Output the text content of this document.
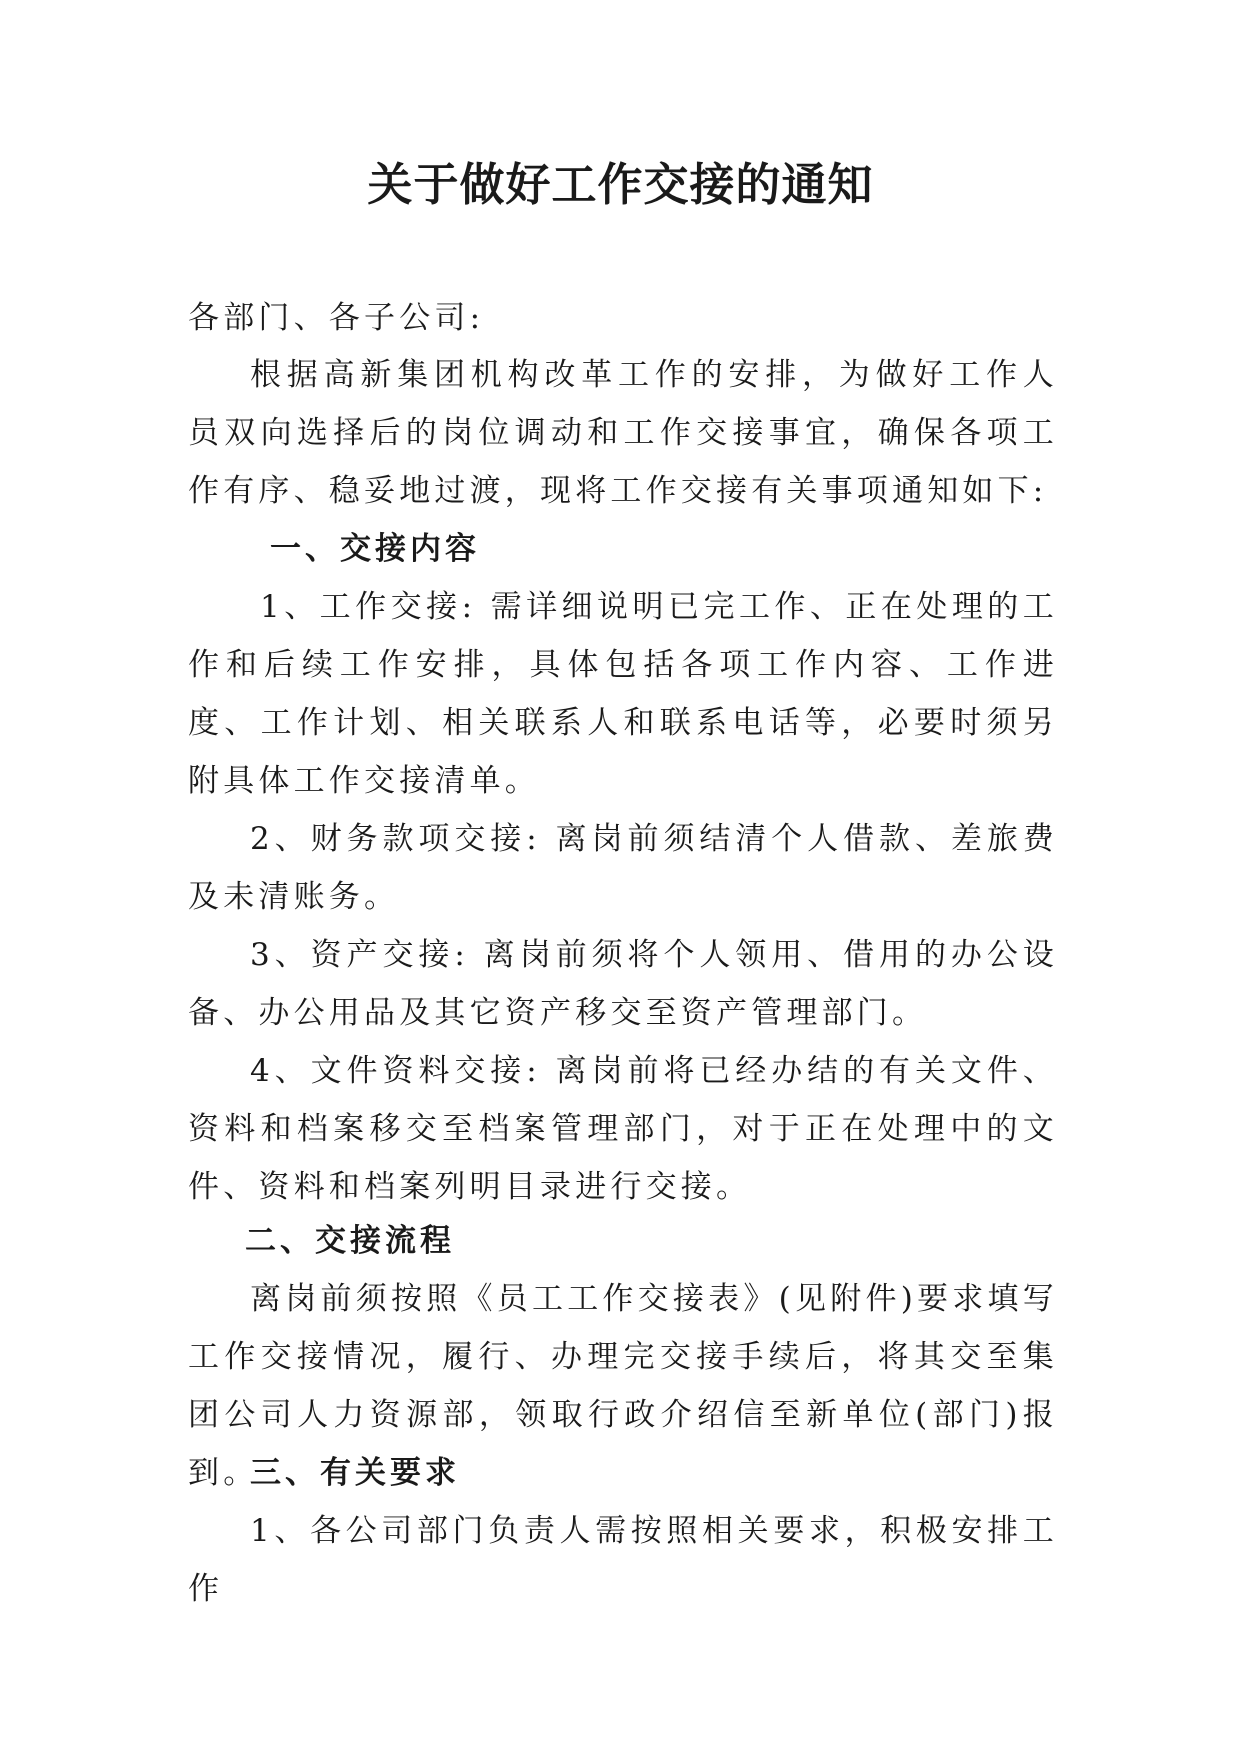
关于做好工作交接的通知
各部门、各子公司:
根据高新集团机构改革工作的安排，为做好工作人员双向选择后的岗位调动和工作交接事宜，确保各项工作有序、稳妥地过渡，现将工作交接有关事项通知如下:
一、交接内容
1、工作交接: 需详细说明已完工作、正在处理的工作和后续工作安排，具体包括各项工作内容、工作进度、工作计划、相关联系人和联系电话等，必要时须另附具体工作交接清单。
2、财务款项交接: 离岗前须结清个人借款、差旅费及未清账务。
3、资产交接: 离岗前须将个人领用、借用的办公设备、办公用品及其它资产移交至资产管理部门。
4、文件资料交接: 离岗前将已经办结的有关文件、资料和档案移交至档案管理部门，对于正在处理中的文件、资料和档案列明目录进行交接。
二、交接流程
离岗前须按照《员工工作交接表》(见附件)要求填写工作交接情况，履行、办理完交接手续后，将其交至集团公司人力资源部，领取行政介绍信至新单位(部门)报到。
三、有关要求
1、各公司部门负责人需按照相关要求，积极安排工作
